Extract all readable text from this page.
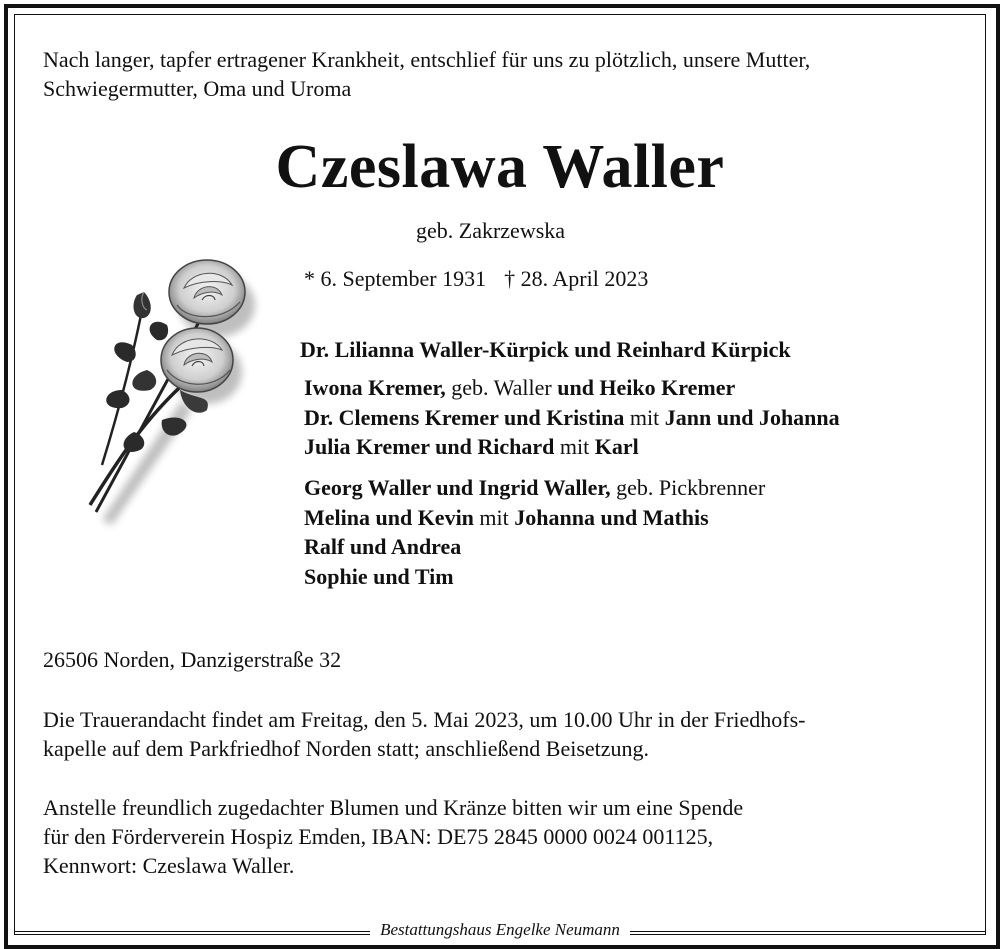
Nach langer, tapfer ertragener Krankheit, entschlief für uns zu plötzlich, unsere Mutter,
Schwiegermutter, Oma und Uroma
Czeslawa Waller
geb. Zakrzewska
* 6. September 1931 † 28. April 2023
Dr. Lilianna Waller-Kürpick und Reinhard Kürpick
Iwona Kremer, geb. Waller und Heiko Kremer
Dr. Clemens Kremer und Kristina mit Jann und Johanna
Julia Kremer und Richard mit Karl
Georg Waller und Ingrid Waller, geb. Pickbrenner
Melina und Kevin mit Johanna und Mathis
Ralf und Andrea
Sophie und Tim
26506 Norden, Danzigerstraße 32
Die Trauerandacht findet am Freitag, den 5. Mai 2023, um 10.00 Uhr in der Friedhofs-
kapelle auf dem Parkfriedhof Norden statt; anschließend Beisetzung.
Anstelle freundlich zugedachter Blumen und Kränze bitten wir um eine Spende
für den Förderverein Hospiz Emden, IBAN: DE75 2845 0000 0024 001125,
Kennwort: Czeslawa Waller.
Bestattungshaus Engelke Neumann
